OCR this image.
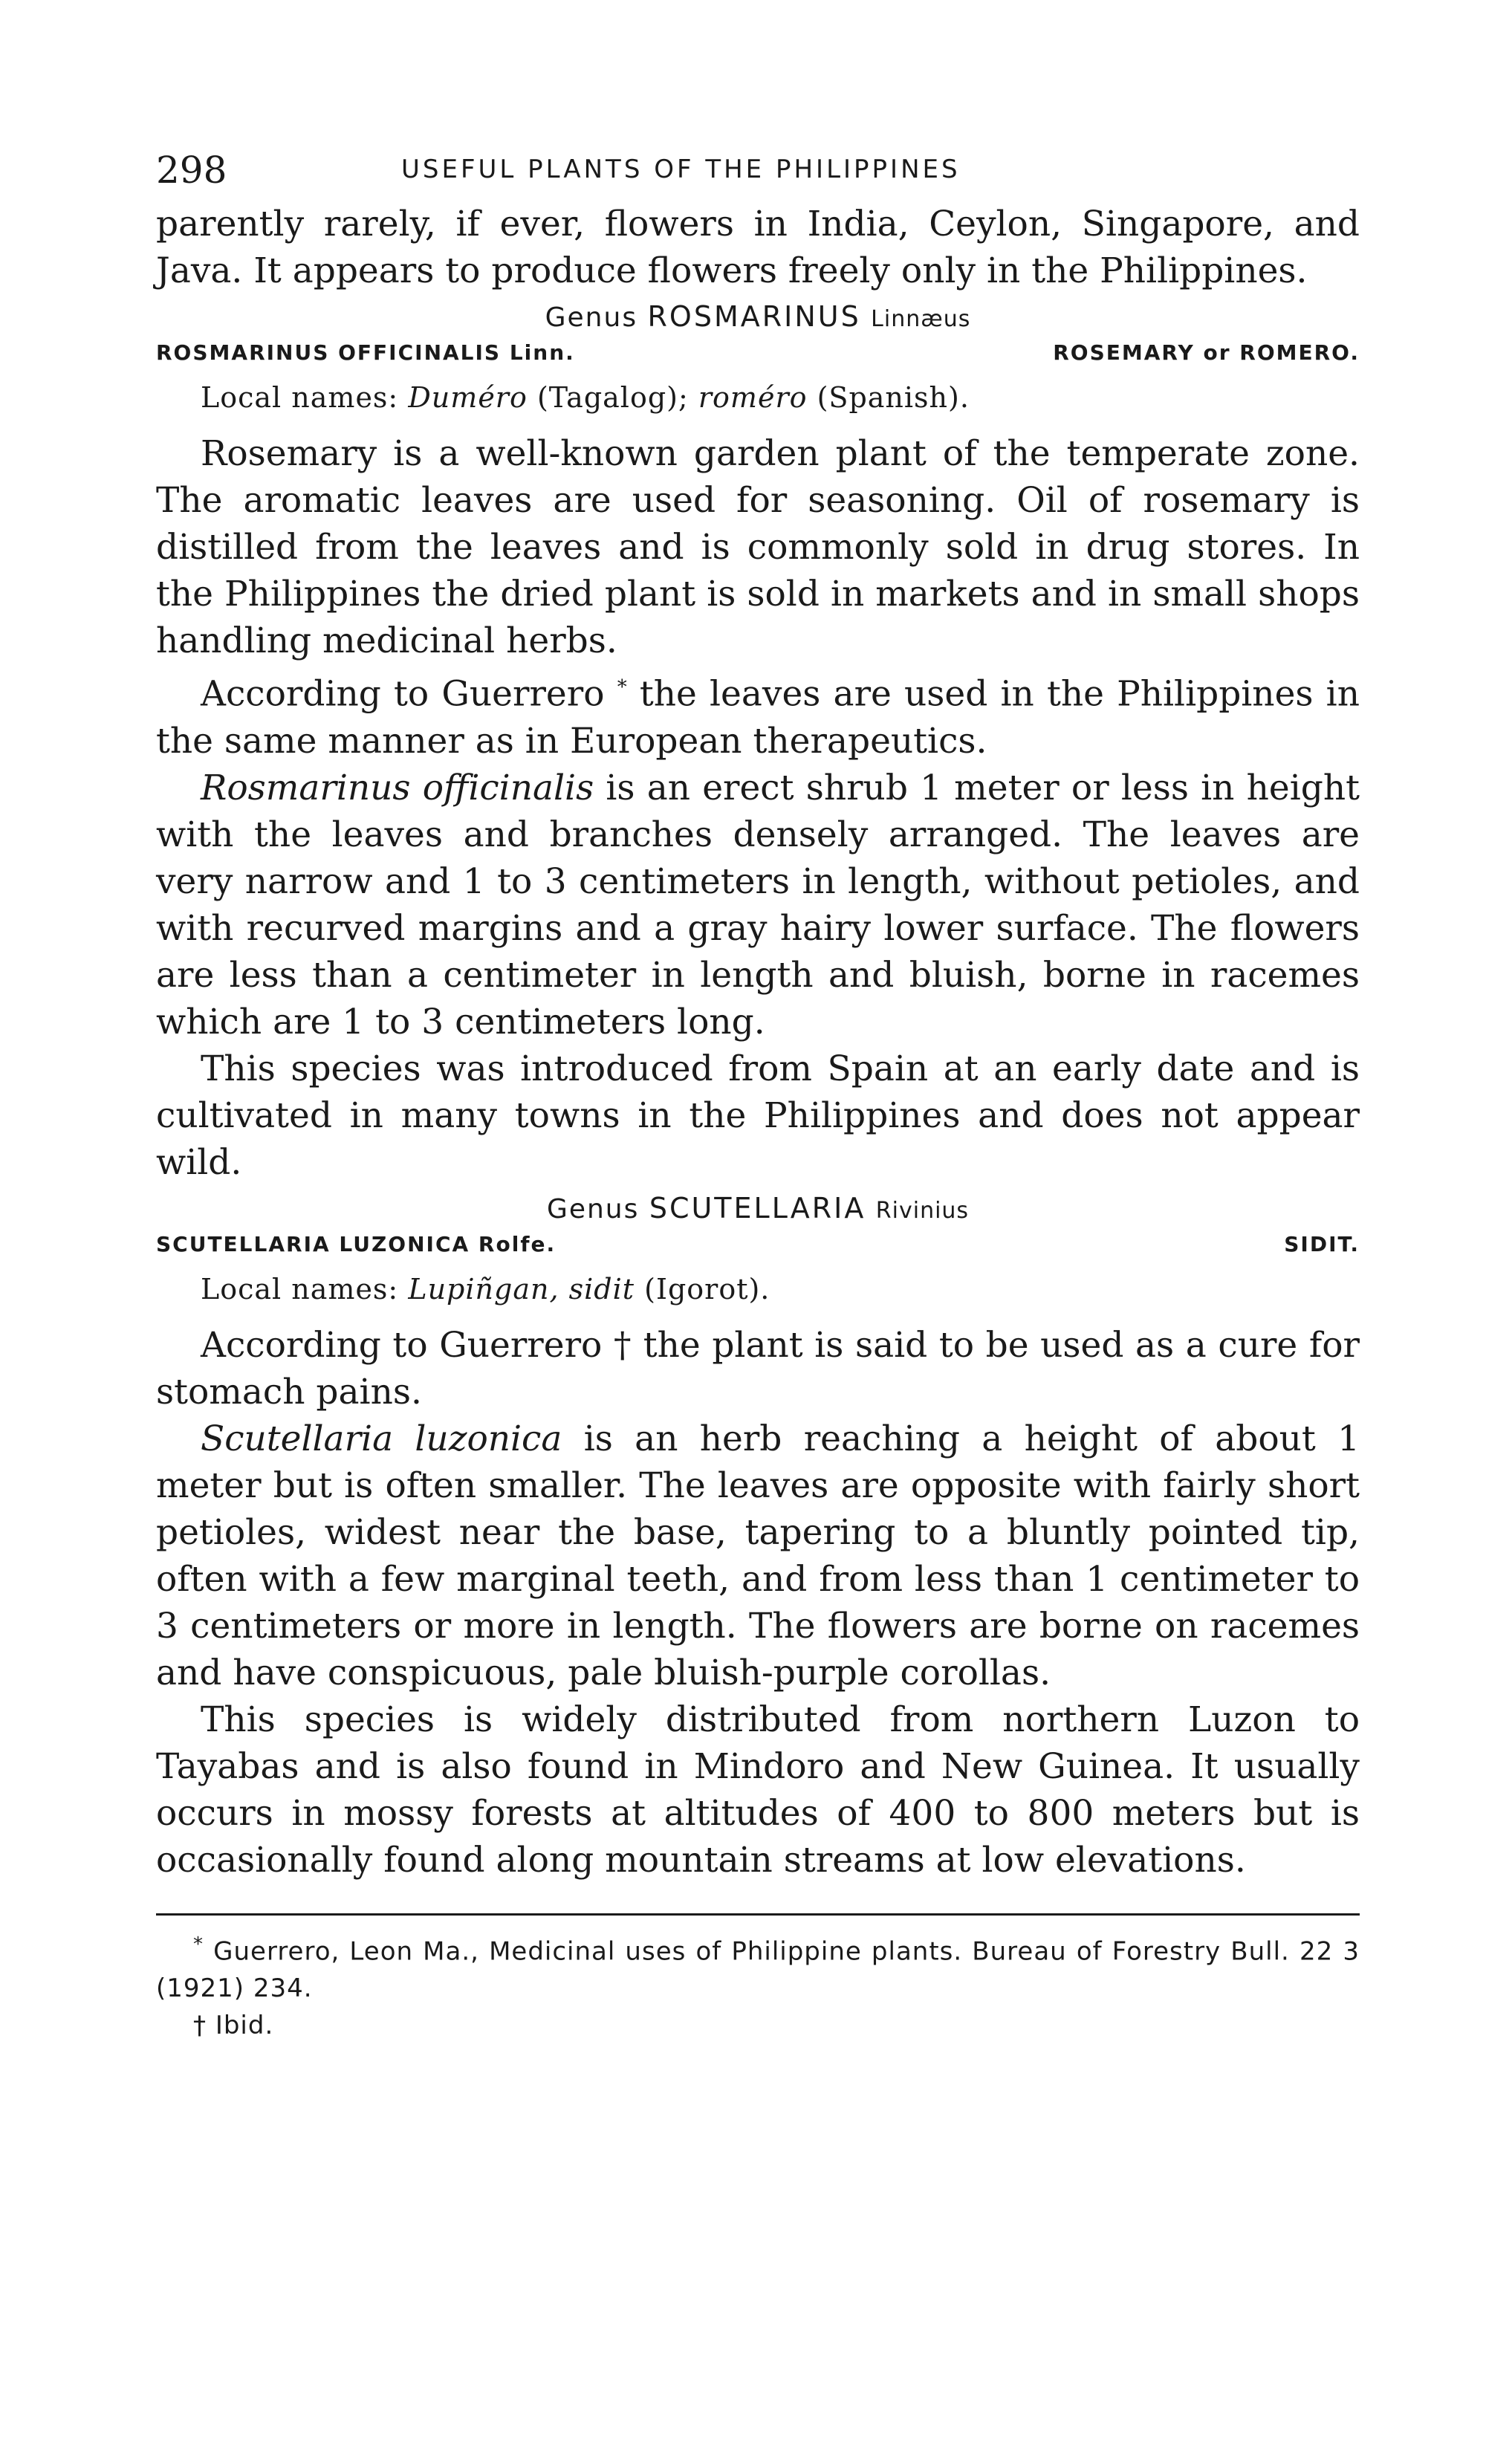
298	USEFUL PLANTS OF THE PHILIPPINES

parently rarely, if ever, flowers in India, Ceylon, Singapore, and Java. It appears to produce flowers freely only in the Philippines.

Genus ROSMARINUS Linnæus
ROSMARINUS OFFICINALIS Linn.	ROSEMARY or ROMERO.
Local names: Duméro (Tagalog); roméro (Spanish).

Rosemary is a well-known garden plant of the temperate zone. The aromatic leaves are used for seasoning. Oil of rosemary is distilled from the leaves and is commonly sold in drug stores. In the Philippines the dried plant is sold in markets and in small shops handling medicinal herbs.

According to Guerrero * the leaves are used in the Philippines in the same manner as in European therapeutics.

Rosmarinus officinalis is an erect shrub 1 meter or less in height with the leaves and branches densely arranged. The leaves are very narrow and 1 to 3 centimeters in length, without petioles, and with recurved margins and a gray hairy lower surface. The flowers are less than a centimeter in length and bluish, borne in racemes which are 1 to 3 centimeters long.

This species was introduced from Spain at an early date and is cultivated in many towns in the Philippines and does not appear wild.

Genus SCUTELLARIA Rivinius
SCUTELLARIA LUZONICA Rolfe.	SIDIT.
Local names: Lupiñgan, sidit (Igorot).

According to Guerrero † the plant is said to be used as a cure for stomach pains.

Scutellaria luzonica is an herb reaching a height of about 1 meter but is often smaller. The leaves are opposite with fairly short petioles, widest near the base, tapering to a bluntly pointed tip, often with a few marginal teeth, and from less than 1 centimeter to 3 centimeters or more in length. The flowers are borne on racemes and have conspicuous, pale bluish-purple corollas.

This species is widely distributed from northern Luzon to Tayabas and is also found in Mindoro and New Guinea. It usually occurs in mossy forests at altitudes of 400 to 800 meters but is occasionally found along mountain streams at low elevations.

* Guerrero, Leon Ma., Medicinal uses of Philippine plants. Bureau of Forestry Bull. 22 3 (1921) 234.
† Ibid.
